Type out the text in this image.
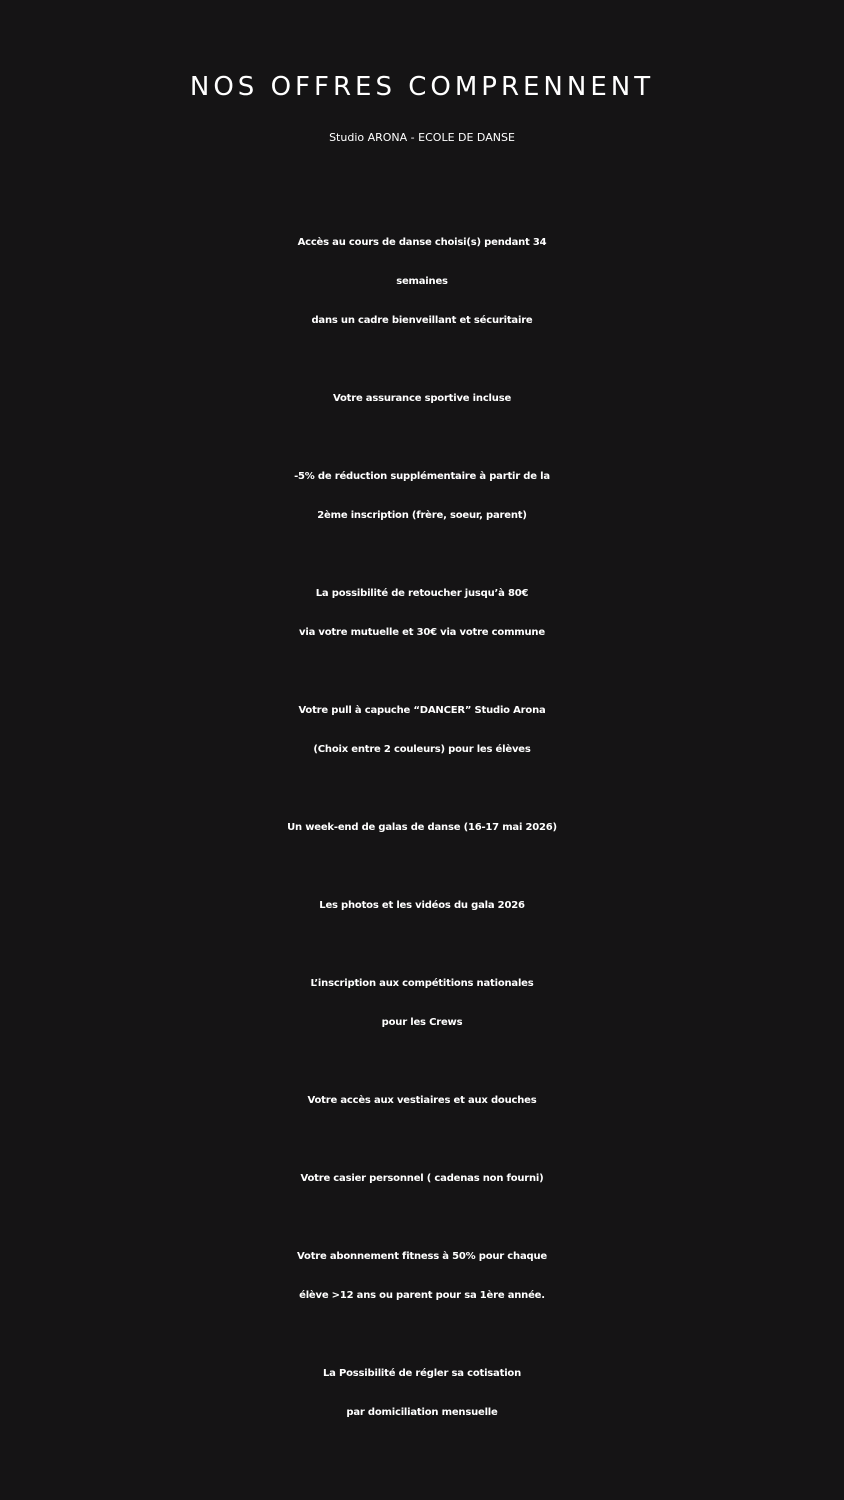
NOS OFFRES COMPRENNENT
Studio ARONA - ECOLE DE DANSE
Accès au cours de danse choisi(s) pendant 34
semaines
dans un cadre bienveillant et sécuritaire
Votre assurance sportive incluse
-5% de réduction supplémentaire à partir de la
2ème inscription (frère, soeur, parent)
La possibilité de retoucher jusqu’à 80€
via votre mutuelle et 30€ via votre commune
Votre pull à capuche “DANCER” Studio Arona
(Choix entre 2 couleurs) pour les élèves
Un week-end de galas de danse (16-17 mai 2026)
Les photos et les vidéos du gala 2026
L’inscription aux compétitions nationales
pour les Crews
Votre accès aux vestiaires et aux douches
Votre casier personnel ( cadenas non fourni)
Votre abonnement fitness à 50% pour chaque
élève >12 ans ou parent pour sa 1ère année.
La Possibilité de régler sa cotisation
par domiciliation mensuelle
